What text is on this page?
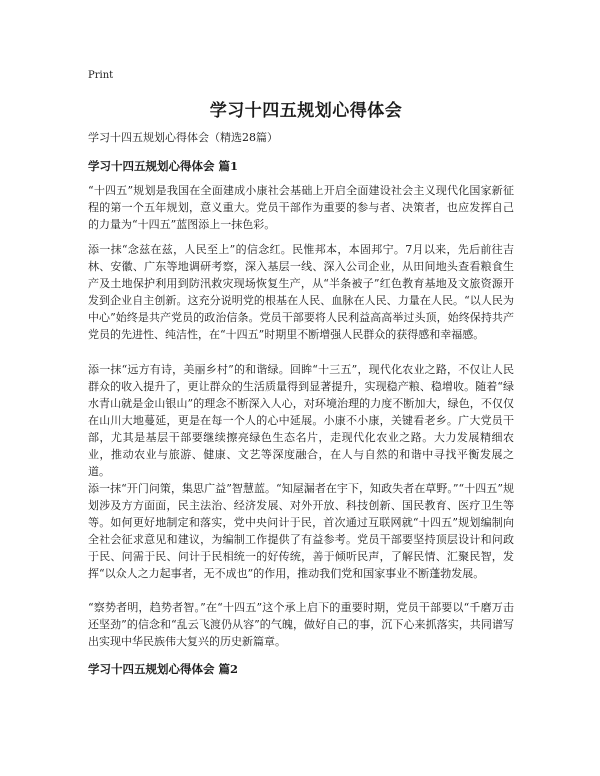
Print
学习十四五规划心得体会
学习十四五规划心得体会（精选28篇）
学习十四五规划心得体会 篇1

“十四五”规划是我国在全面建成小康社会基础上开启全面建设社会主义现代化国家新征程的第一个五年规划，意义重大。党员干部作为重要的参与者、决策者，也应发挥自己的力量为“十四五”蓝图添上一抹色彩。

添一抹“念兹在兹，人民至上”的信念红。民惟邦本，本固邦宁。7月以来，先后前往吉林、安徽、广东等地调研考察，深入基层一线、深入公司企业，从田间地头查看粮食生产及土地保护利用到防汛救灾现场恢复生产，从“半条被子”红色教育基地及文旅资源开发到企业自主创新。这充分说明党的根基在人民、血脉在人民、力量在人民。“以人民为中心”始终是共产党员的政治信条。党员干部要将人民利益高高举过头顶，始终保持共产党员的先进性、纯洁性，在“十四五”时期里不断增强人民群众的获得感和幸福感。

添一抹“远方有诗，美丽乡村”的和谐绿。回眸“十三五”，现代化农业之路，不仅让人民群众的收入提升了，更让群众的生活质量得到显著提升，实现稳产粮、稳增收。随着“绿水青山就是金山银山”的理念不断深入人心，对环境治理的力度不断加大，绿色，不仅仅在山川大地蔓延，更是在每一个人的心中延展。小康不小康，关键看老乡。广大党员干部，尤其是基层干部要继续擦亮绿色生态名片，走现代化农业之路。大力发展精细农业，推动农业与旅游、健康、文艺等深度融合，在人与自然的和谐中寻找平衡发展之道。

添一抹“开门问策，集思广益”智慧蓝。“知屋漏者在宇下，知政失者在草野。”“十四五”规划涉及方方面面，民主法治、经济发展、对外开放、科技创新、国民教育、医疗卫生等等。如何更好地制定和落实，党中央问计于民，首次通过互联网就“十四五”规划编制向全社会征求意见和建议，为编制工作提供了有益参考。党员干部要坚持顶层设计和问政于民、问需于民、问计于民相统一的好传统，善于倾听民声，了解民情、汇聚民智，发挥“以众人之力起事者，无不成也”的作用，推动我们党和国家事业不断蓬勃发展。

“察势者明，趋势者智。”在“十四五”这个承上启下的重要时期，党员干部要以“千磨万击还坚劲”的信念和“乱云飞渡仍从容”的气魄，做好自己的事，沉下心来抓落实，共同谱写出实现中华民族伟大复兴的历史新篇章。

学习十四五规划心得体会 篇2
